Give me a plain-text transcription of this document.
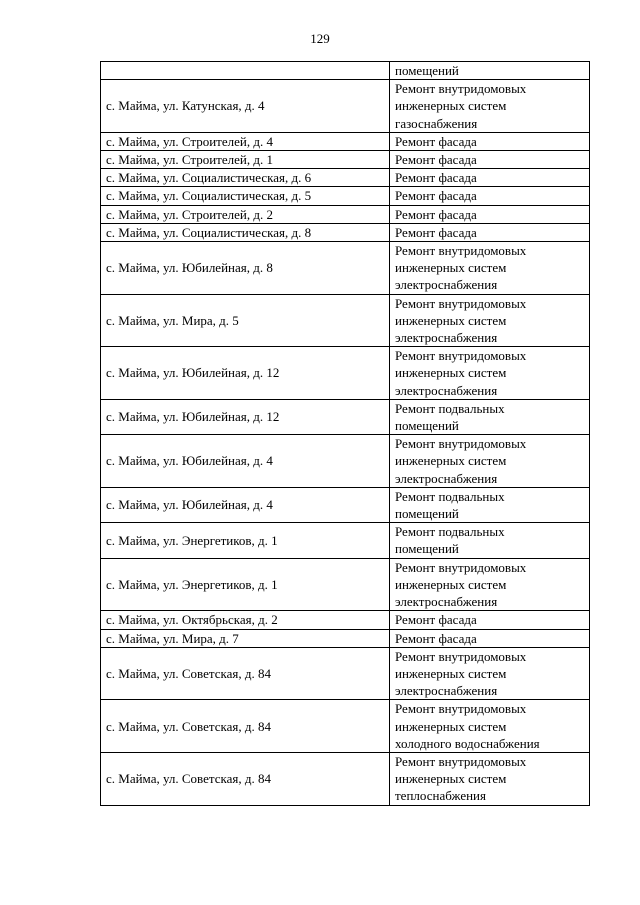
129
	помещений
с. Майма, ул. Катунская, д. 4	Ремонт внутридомовых
инженерных систем
газоснабжения
с. Майма, ул. Строителей, д. 4	Ремонт фасада
с. Майма, ул. Строителей, д. 1	Ремонт фасада
с. Майма, ул. Социалистическая, д. 6	Ремонт фасада
с. Майма, ул. Социалистическая, д. 5	Ремонт фасада
с. Майма, ул. Строителей, д. 2	Ремонт фасада
с. Майма, ул. Социалистическая, д. 8	Ремонт фасада
с. Майма, ул. Юбилейная, д. 8	Ремонт внутридомовых
инженерных систем
электроснабжения
с. Майма, ул. Мира, д. 5	Ремонт внутридомовых
инженерных систем
электроснабжения
с. Майма, ул. Юбилейная, д. 12	Ремонт внутридомовых
инженерных систем
электроснабжения
с. Майма, ул. Юбилейная, д. 12	Ремонт подвальных
помещений
с. Майма, ул. Юбилейная, д. 4	Ремонт внутридомовых
инженерных систем
электроснабжения
с. Майма, ул. Юбилейная, д. 4	Ремонт подвальных
помещений
с. Майма, ул. Энергетиков, д. 1	Ремонт подвальных
помещений
с. Майма, ул. Энергетиков, д. 1	Ремонт внутридомовых
инженерных систем
электроснабжения
с. Майма, ул. Октябрьская, д. 2	Ремонт фасада
с. Майма, ул. Мира, д. 7	Ремонт фасада
с. Майма, ул. Советская, д. 84	Ремонт внутридомовых
инженерных систем
электроснабжения
с. Майма, ул. Советская, д. 84	Ремонт внутридомовых
инженерных систем
холодного водоснабжения
с. Майма, ул. Советская, д. 84	Ремонт внутридомовых
инженерных систем
теплоснабжения
